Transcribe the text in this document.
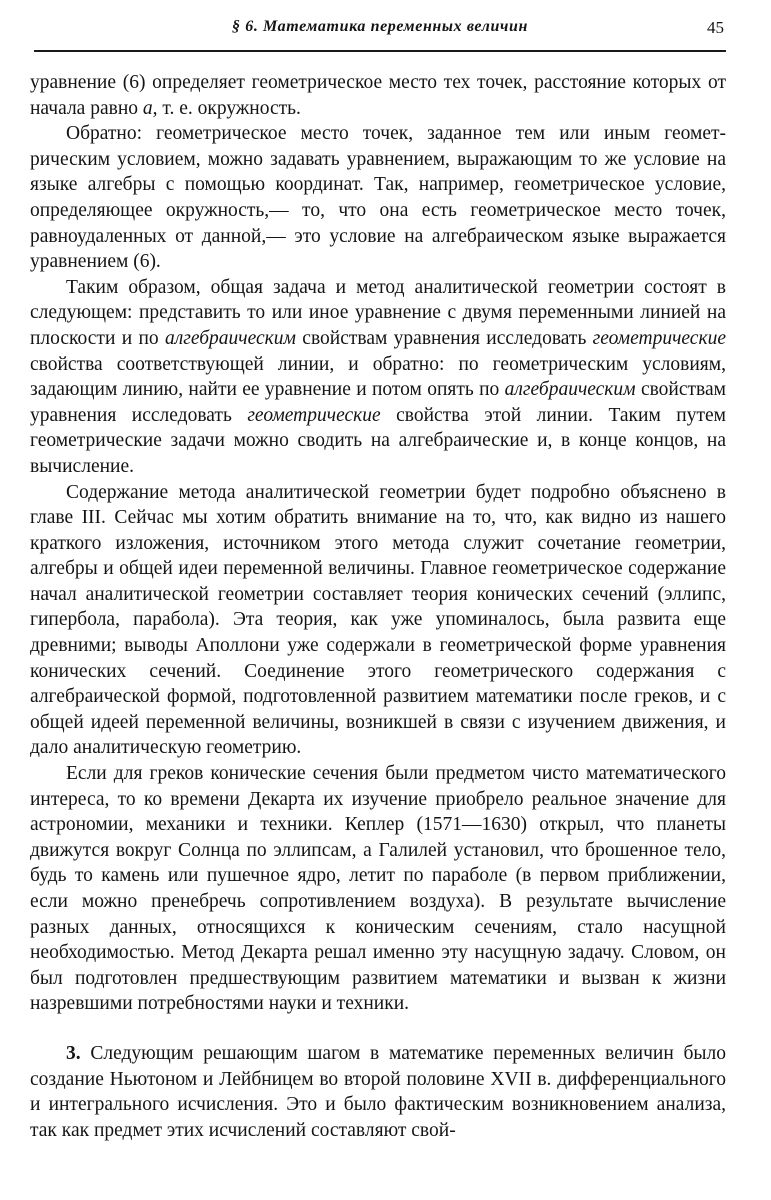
§ 6. Математика переменных величин	45

уравнение (6) определяет геометрическое место тех точек, расстояние которых от начала равно a, т. е. окружность.

Обратно: геометрическое место точек, заданное тем или иным геометрическим условием, можно задавать уравнением, выражающим то же условие на языке алгебры с помощью координат. Так, например, геометрическое условие, определяющее окружность,— то, что она есть геометрическое место точек, равноудаленных от данной,— это условие на алгебраическом языке выражается уравнением (6).

Таким образом, общая задача и метод аналитической геометрии состоят в следующем: представить то или иное уравнение с двумя переменными линией на плоскости и по алгебраическим свойствам уравнения исследовать геометрические свойства соответствующей линии, и обратно: по геометрическим условиям, задающим линию, найти ее уравнение и потом опять по алгебраическим свойствам уравнения исследовать геометрические свойства этой линии. Таким путем геометрические задачи можно сводить на алгебраические и, в конце концов, на вычисление.

Содержание метода аналитической геометрии будет подробно объяснено в главе III. Сейчас мы хотим обратить внимание на то, что, как видно из нашего краткого изложения, источником этого метода служит сочетание геометрии, алгебры и общей идеи переменной величины. Главное геометрическое содержание начал аналитической геометрии составляет теория конических сечений (эллипс, гипербола, парабола). Эта теория, как уже упоминалось, была развита еще древними; выводы Аполлони уже содержали в геометрической форме уравнения конических сечений. Соединение этого геометрического содержания с алгебраической формой, подготовленной развитием математики после греков, и с общей идеей переменной величины, возникшей в связи с изучением движения, и дало аналитическую геометрию.

Если для греков конические сечения были предметом чисто математического интереса, то ко времени Декарта их изучение приобрело реальное значение для астрономии, механики и техники. Кеплер (1571—1630) открыл, что планеты движутся вокруг Солнца по эллипсам, а Галилей установил, что брошенное тело, будь то камень или пушечное ядро, летит по параболе (в первом приближении, если можно пренебречь сопротивлением воздуха). В результате вычисление разных данных, относящихся к коническим сечениям, стало насущной необходимостью. Метод Декарта решал именно эту насущную задачу. Словом, он был подготовлен предшествующим развитием математики и вызван к жизни назревшими потребностями науки и техники.

3. Следующим решающим шагом в математике переменных величин было создание Ньютоном и Лейбницем во второй половине XVII в. дифференциального и интегрального исчисления. Это и было фактическим возникновением анализа, так как предмет этих исчислений составляют свой-
